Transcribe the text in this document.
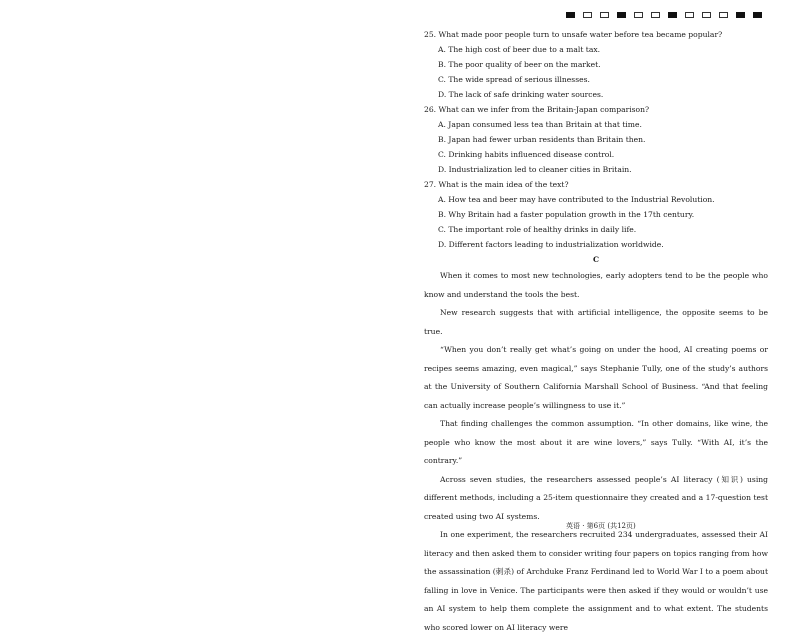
25. What made poor people turn to unsafe water before tea became popular?

A. The high cost of beer due to a malt tax.

B. The poor quality of beer on the market.

C. The wide spread of serious illnesses.

D. The lack of safe drinking water sources.

26. What can we infer from the Britain-Japan comparison?

A. Japan consumed less tea than Britain at that time.

B. Japan had fewer urban residents than Britain then.

C. Drinking habits influenced disease control.

D. Industrialization led to cleaner cities in Britain.

27. What is the main idea of the text?

A. How tea and beer may have contributed to the Industrial Revolution.

B. Why Britain had a faster population growth in the 17th century.

C. The important role of healthy drinks in daily life.

D. Different factors leading to industrialization worldwide.

C

When it comes to most new technologies, early adopters tend to be the people who know and understand the tools the best.

New research suggests that with artificial intelligence, the opposite seems to be true.

“When you don’t really get what’s going on under the hood, AI creating poems or recipes seems amazing, even magical,” says Stephanie Tully, one of the study’s authors at the University of Southern California Marshall School of Business. “And that feeling can actually increase people’s willingness to use it.”

That finding challenges the common assumption. “In other domains, like wine, the people who know the most about it are wine lovers,” says Tully. “With AI, it’s the contrary.”

Across seven studies, the researchers assessed people’s AI literacy (知识) using different methods, including a 25-item questionnaire they created and a 17-question test created using two AI systems.

In one experiment, the researchers recruited 234 undergraduates, assessed their AI literacy and then asked them to consider writing four papers on topics ranging from how the assassination (刺杀) of Archduke Franz Ferdinand led to World War Ⅰ to a poem about falling in love in Venice. The participants were then asked if they would or wouldn’t use an AI system to help them complete the assignment and to what extent. The students who scored lower on AI literacy were

英语 · 第6页 (共12页)
